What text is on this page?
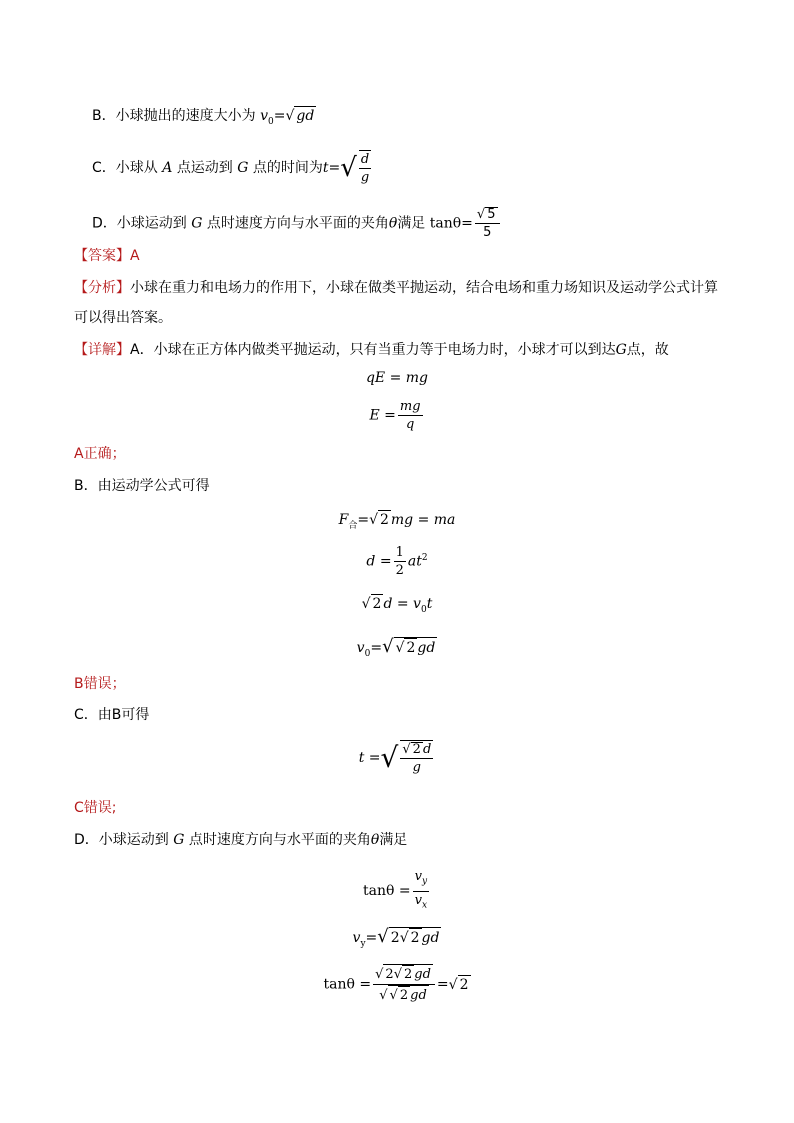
B．小球抛出的速度大小为 $v_0=√$ gd
C．小球从 A 点运动到 G 点的时间为$t=√ \frac{d}{g}$
D．小球运动到 G 点时速度方向与水平面的夹角θ满足 $\tan\theta= \frac{√ 5}{5}$
【答案】A
【分析】小球在重力和电场力的作用下，小球在做类平抛运动，结合电场和重力场知识及运动学公式计算
可以得出答案。
【详解】A．小球在正方体内做类平抛运动，只有当重力等于电场力时，小球才可以到达G点，故
qE = mg
$E = \frac{mg}{q}$
A正确；
B．由运动学公式可得
$F_合=√$ 2 mg = ma
$d = \frac{1}{2} at^2$
√ 2 $d = v_0t$
$v_0=√$ √ 2 gd
B错误；
C．由B可得
t =√ $\frac{√ 2 d}{g}$
C错误;
D．小球运动到 G 点时速度方向与水平面的夹角θ满足
$\tan\theta = \frac{v_y}{v_x}$
$v_y=√$ 2√ 2 gd
$\tan\theta = \frac{√ 2√ 2 gd}{√ √ 2 gd}$ =√ 2
